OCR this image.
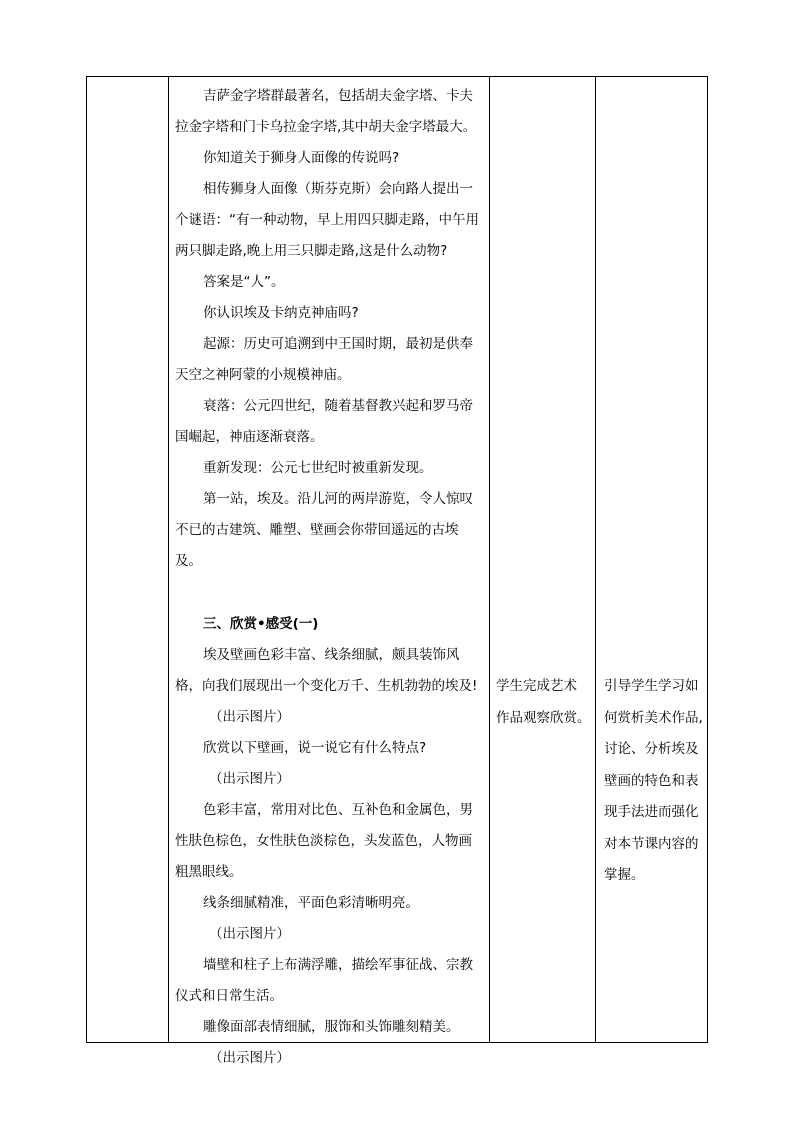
吉萨金字塔群最著名，包括胡夫金字塔、卡夫拉金字塔和门卡乌拉金字塔,其中胡夫金字塔最大。

你知道关于狮身人面像的传说吗?

相传狮身人面像（斯芬克斯）会向路人提出一个谜语：“有一种动物，早上用四只脚走路，中午用两只脚走路,晚上用三只脚走路,这是什么动物?

答案是“人”。

你认识埃及卡纳克神庙吗?

起源：历史可追溯到中王国时期，最初是供奉天空之神阿蒙的小规模神庙。

衰落：公元四世纪，随着基督教兴起和罗马帝国崛起，神庙逐渐衰落。

重新发现：公元七世纪时被重新发现。

第一站，埃及。沿儿河的两岸游览，令人惊叹不已的古建筑、雕塑、壁画会你带回遥远的古埃及。

三、欣赏•感受(一)

埃及壁画色彩丰富、线条细腻，颇具装饰风格，向我们展现出一个变化万千、生机勃勃的埃及!

（出示图片）

欣赏以下壁画，说一说它有什么特点?

（出示图片）

色彩丰富，常用对比色、互补色和金属色，男性肤色棕色，女性肤色淡棕色，头发蓝色，人物画粗黑眼线。

线条细腻精准，平面色彩清晰明亮。

（出示图片）

墙壁和柱子上布满浮雕，描绘军事征战、宗教仪式和日常生活。

雕像面部表情细腻，服饰和头饰雕刻精美。

（出示图片）

学生完成艺术
作品观察欣赏。
引导学生学习如
何赏析美术作品,
讨论、分析埃及
壁画的特色和表
现手法进而强化
对本节课内容的
掌握。
